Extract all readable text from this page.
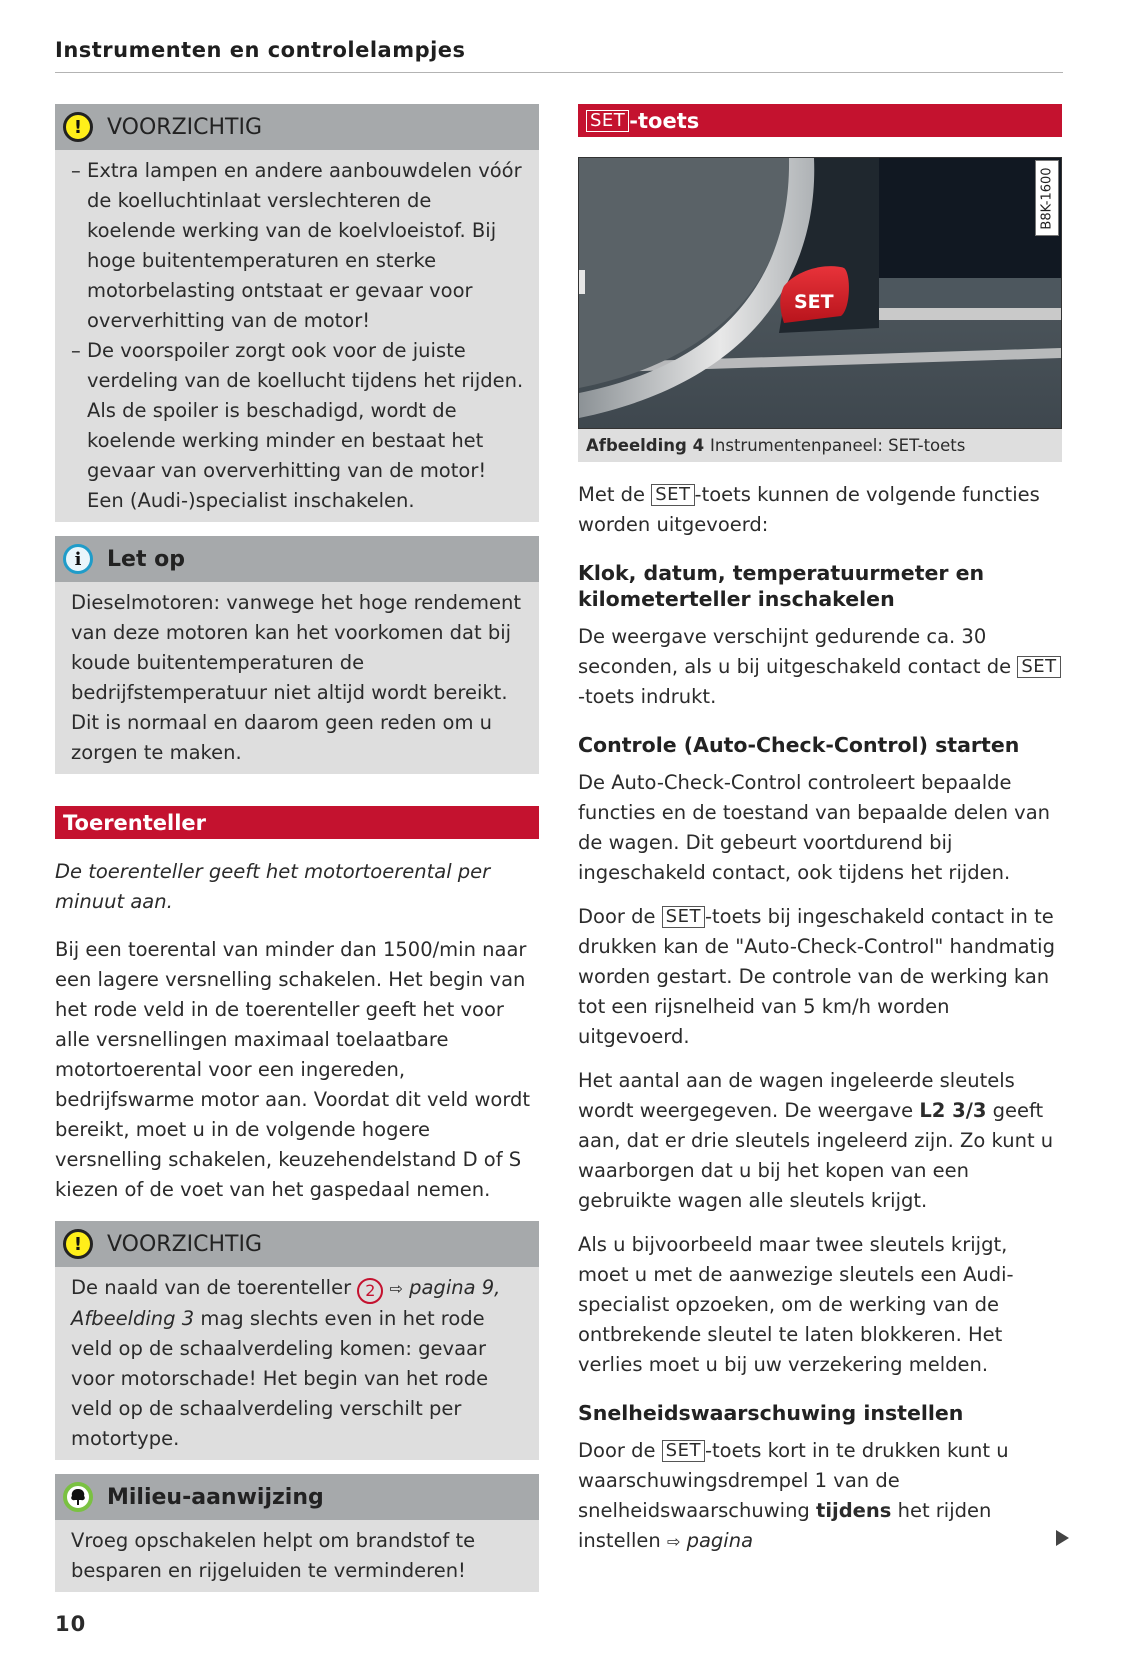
Instrumenten en controlelampjes
!	VOORZICHTIG
– Extra lampen en andere aanbouwdelen vóór de koelluchtinlaat verslechteren de koelende werking van de koelvloeistof. Bij hoge buitentemperaturen en sterke motorbelasting ontstaat er gevaar voor oververhitting van de motor!
– De voorspoiler zorgt ook voor de juiste verdeling van de koellucht tijdens het rijden. Als de spoiler is beschadigd, wordt de koelende werking minder en bestaat het gevaar van oververhitting van de motor! Een (Audi-)specialist inschakelen.
i	Let op
Dieselmotoren: vanwege het hoge rendement van deze motoren kan het voorkomen dat bij koude buitentemperaturen de bedrijfstemperatuur niet altijd wordt bereikt. Dit is normaal en daarom geen reden om u zorgen te maken.
Toerenteller

De toerenteller geeft het motortoerental per minuut aan.

Bij een toerental van minder dan 1500/min naar een lagere versnelling schakelen. Het begin van het rode veld in de toerenteller geeft het voor alle versnellingen maximaal toelaatbare motortoerental voor een ingereden, bedrijfswarme motor aan. Voordat dit veld wordt bereikt, moet u in de volgende hogere versnelling schakelen, keuzehendelstand D of S kiezen of de voet van het gaspedaal nemen.

!	VOORZICHTIG
De naald van de toerenteller 2 ⇨ pagina 9, Afbeelding 3 mag slechts even in het rode veld op de schaalverdeling komen: gevaar voor motorschade! Het begin van het rode veld op de schaalverdeling verschilt per motortype.
Milieu-aanwijzing
Vroeg opschakelen helpt om brandstof te besparen en rijgeluiden te verminderen!
SET -toets
SET
B8K-1600
Afbeelding 4 Instrumentenpaneel: SET-toets

Met de SET -toets kunnen de volgende functies worden uitgevoerd:

Klok, datum, temperatuurmeter en kilometerteller inschakelen

De weergave verschijnt gedurende ca. 30 seconden, als u bij uitgeschakeld contact de SET-toets indrukt.

Controle (Auto-Check-Control) starten

De Auto-Check-Control controleert bepaalde functies en de toestand van bepaalde delen van de wagen. Dit gebeurt voortdurend bij ingeschakeld contact, ook tijdens het rijden.

Door de SET -toets bij ingeschakeld contact in te drukken kan de "Auto-Check-Control" handmatig worden gestart. De controle van de werking kan tot een rijsnelheid van 5 km/h worden uitgevoerd.

Het aantal aan de wagen ingeleerde sleutels wordt weergegeven. De weergave L2 3/3 geeft aan, dat er drie sleutels ingeleerd zijn. Zo kunt u waarborgen dat u bij het kopen van een gebruikte wagen alle sleutels krijgt.

Als u bijvoorbeeld maar twee sleutels krijgt, moet u met de aanwezige sleutels een Audi-specialist opzoeken, om de werking van de ontbrekende sleutel te laten blokkeren. Het verlies moet u bij uw verzekering melden.

Snelheidswaarschuwing instellen

Door de SET -toets kort in te drukken kunt u waarschuwingsdrempel 1 van de snelheidswaarschuwing tijdens het rijden instellen ⇨ pagina

10
